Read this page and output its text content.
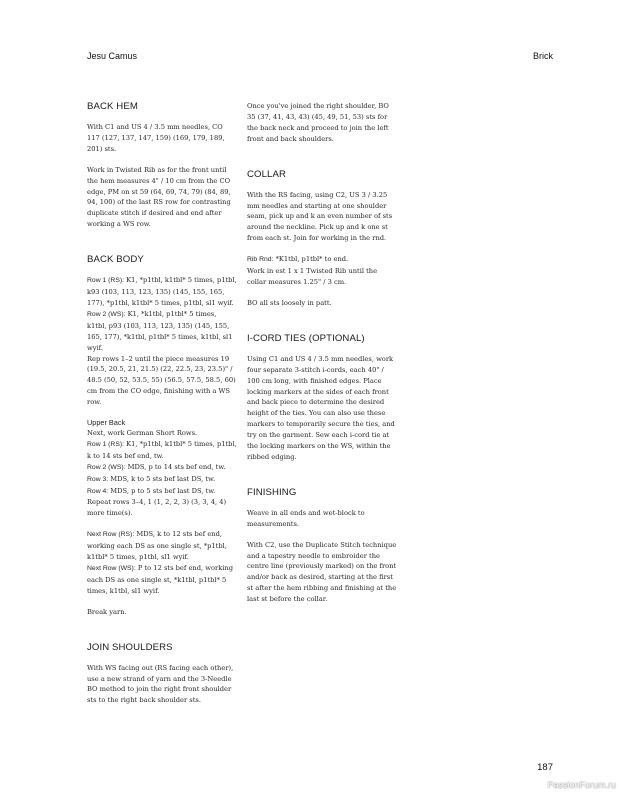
Jesu Camus	Brick
BACK HEM

With C1 and US 4 / 3.5 mm needles, CO 117 (127, 137, 147, 159) (169, 179, 189, 201) sts.

Work in Twisted Rib as for the front until the hem measures 4" / 10 cm from the CO edge, PM on st 59 (64, 69, 74, 79) (84, 89, 94, 100) of the last RS row for contrasting duplicate stitch if desired and end after working a WS row.

BACK BODY

Row 1 (RS): K1, *p1tbl, k1tbl* 5 times, p1tbl, k93 (103, 113, 123, 135) (145, 155, 165, 177), *p1tbl, k1tbl* 5 times, p1tbl, sl1 wyif.

Row 2 (WS): K1, *k1tbl, p1tbl* 5 times, k1tbl, p93 (103, 113, 123, 135) (145, 155, 165, 177), *k1tbl, p1tbl* 5 times, k1tbl, sl1 wyif.

Rep rows 1–2 until the piece measures 19 (19.5, 20.5, 21, 21.5) (22, 22.5, 23, 23.5)" / 48.5 (50, 52, 53.5, 55) (56.5, 57.5, 58.5, 60) cm from the CO edge, finishing with a WS row.

Upper Back

Next, work German Short Rows.

Row 1 (RS): K1, *p1tbl, k1tbl* 5 times, p1tbl, k to 14 sts bef end, tw.

Row 2 (WS): MDS, p to 14 sts bef end, tw.

Row 3: MDS, k to 5 sts bef last DS, tw.

Row 4: MDS, p to 5 sts bef last DS, tw.

Repeat rows 3–4, 1 (1, 2, 2, 3) (3, 3, 4, 4) more time(s).

Next Row (RS): MDS, k to 12 sts bef end, working each DS as one single st, *p1tbl, k1tbl* 5 times, p1tbl, sl1 wyif.

Next Row (WS): P to 12 sts bef end, working each DS as one single st, *k1tbl, p1tbl* 5 times, k1tbl, sl1 wyif.

Break yarn.

JOIN SHOULDERS

With WS facing out (RS facing each other), use a new strand of yarn and the 3-Needle BO method to join the right front shoulder sts to the right back shoulder sts.

Once you've joined the right shoulder, BO 35 (37, 41, 43, 43) (45, 49, 51, 53) sts for the back neck and proceed to join the left front and back shoulders.

COLLAR

With the RS facing, using C2, US 3 / 3.25 mm needles and starting at one shoulder seam, pick up and k an even number of sts around the neckline. Pick up and k one st from each st. Join for working in the rnd.

Rib Rnd: *K1tbl, p1tbl* to end.

Work in est 1 x 1 Twisted Rib until the collar measures 1.25" / 3 cm.

BO all sts loosely in patt.

I-CORD TIES (OPTIONAL)

Using C1 and US 4 / 3.5 mm needles, work four separate 3-stitch i-cords, each 40" / 100 cm long, with finished edges. Place locking markers at the sides of each front and back piece to determine the desired height of the ties. You can also use these markers to temporarily secure the ties, and try on the garment. Sew each i-cord tie at the locking markers on the WS, within the ribbed edging.

FINISHING

Weave in all ends and wet-block to measurements.

With C2, use the Duplicate Stitch technique and a tapestry needle to embroider the centre line (previously marked) on the front and/or back as desired, starting at the first st after the hem ribbing and finishing at the last st before the collar.

187
PassionForum.ru
